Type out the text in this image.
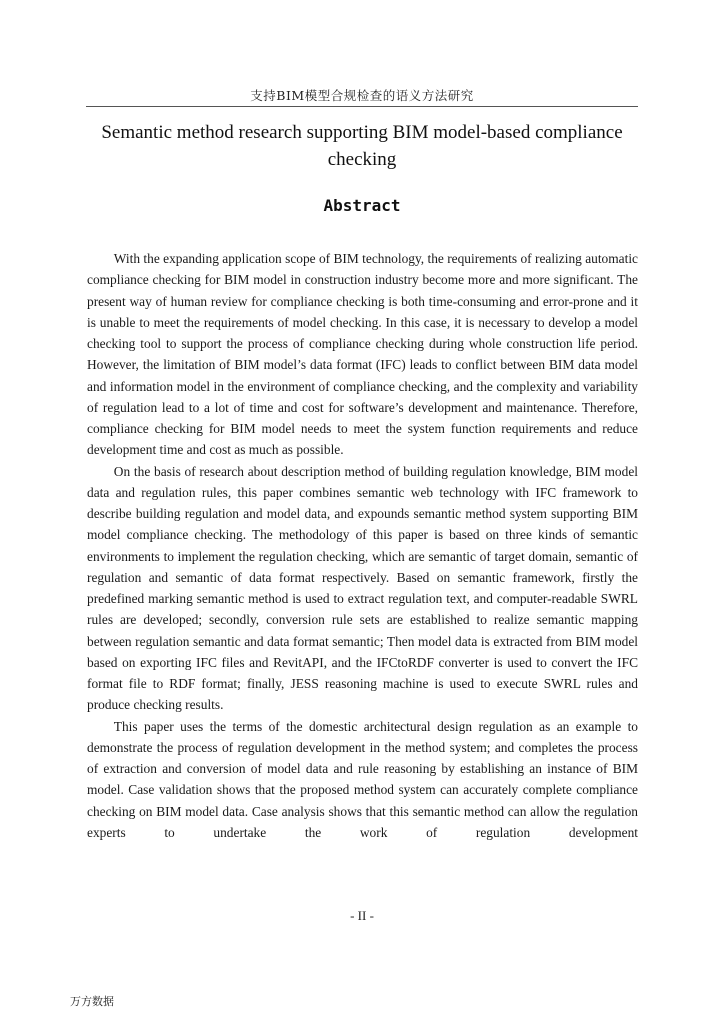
支持BIM模型合规检查的语义方法研究
Semantic method research supporting BIM model-based compliance checking
Abstract

With the expanding application scope of BIM technology, the requirements of realizing automatic compliance checking for BIM model in construction industry become more and more significant. The present way of human review for compliance checking is both time-consuming and error-prone and it is unable to meet the requirements of model checking. In this case, it is necessary to develop a model checking tool to support the process of compliance checking during whole construction life period. However, the limitation of BIM model’s data format (IFC) leads to conflict between BIM data model and information model in the environment of compliance checking, and the complexity and variability of regulation lead to a lot of time and cost for software’s development and maintenance. Therefore, compliance checking for BIM model needs to meet the system function requirements and reduce development time and cost as much as possible.

On the basis of research about description method of building regulation knowledge, BIM model data and regulation rules, this paper combines semantic web technology with IFC framework to describe building regulation and model data, and expounds semantic method system supporting BIM model compliance checking. The methodology of this paper is based on three kinds of semantic environments to implement the regulation checking, which are semantic of target domain, semantic of regulation and semantic of data format respectively. Based on semantic framework, firstly the predefined marking semantic method is used to extract regulation text, and computer-readable SWRL rules are developed; secondly, conversion rule sets are established to realize semantic mapping between regulation semantic and data format semantic; Then model data is extracted from BIM model based on exporting IFC files and RevitAPI, and the IFCtoRDF converter is used to convert the IFC format file to RDF format; finally, JESS reasoning machine is used to execute SWRL rules and produce checking results.

This paper uses the terms of the domestic architectural design regulation as an example to demonstrate the process of regulation development in the method system; and completes the process of extraction and conversion of model data and rule reasoning by establishing an instance of BIM model. Case validation shows that the proposed method system can accurately complete compliance checking on BIM model data. Case analysis shows that this semantic method can allow the regulation experts to undertake the work of regulation development

- II -
万方数据
